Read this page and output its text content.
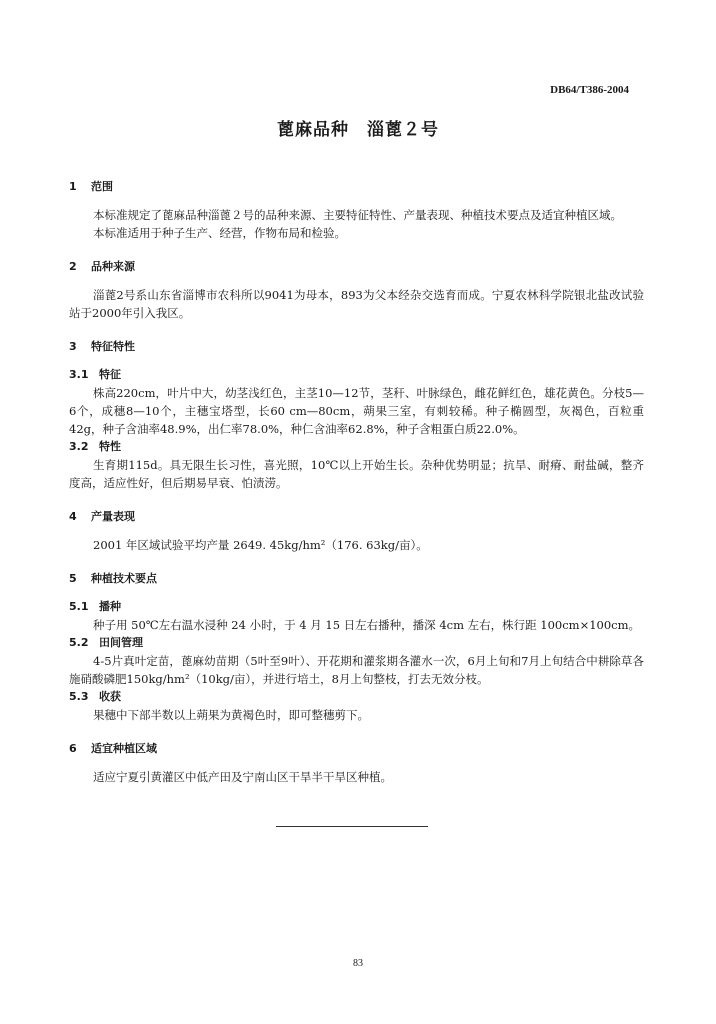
DB64/T386-2004
蓖麻品种 淄蓖２号
1 范围

本标准规定了蓖麻品种淄蓖２号的品种来源、主要特征特性、产量表现、种植技术要点及适宜种植区域。

本标准适用于种子生产、经营，作物布局和检验。

2 品种来源

淄蓖2号系山东省淄博市农科所以9041为母本，893为父本经杂交选育而成。宁夏农林科学院银北盐改试验站于2000年引入我区。

3 特征特性
3.1 特征

株高220cm，叶片中大，幼茎浅红色，主茎10—12节，茎秆、叶脉绿色，雌花鲜红色，雄花黄色。分枝5—6个，成穗8—10个，主穗宝塔型，长60 cm—80cm，蒴果三室，有刺较稀。种子椭圆型，灰褐色，百粒重42g，种子含油率48.9%，出仁率78.0%，种仁含油率62.8%，种子含粗蛋白质22.0%。

3.2 特性

生育期115d。具无限生长习性，喜光照，10℃以上开始生长。杂种优势明显；抗旱、耐瘠、耐盐碱，整齐度高，适应性好，但后期易早衰、怕渍涝。

4 产量表现

2001 年区域试验平均产量 2649. 45kg/hm²（176. 63kg/亩）。

5 种植技术要点
5.1 播种

种子用 50℃左右温水浸种 24 小时，于 4 月 15 日左右播种，播深 4cm 左右，株行距 100cm×100cm。

5.2 田间管理

4-5片真叶定苗，蓖麻幼苗期（5叶至9叶）、开花期和灌浆期各灌水一次，6月上旬和7月上旬结合中耕除草各施硝酸磷肥150kg/hm²（10kg/亩），并进行培土，8月上旬整枝，打去无效分枝。

5.3 收获

果穗中下部半数以上蒴果为黄褐色时，即可整穗剪下。

6 适宜种植区域

适应宁夏引黄灌区中低产田及宁南山区干旱半干旱区种植。

83
